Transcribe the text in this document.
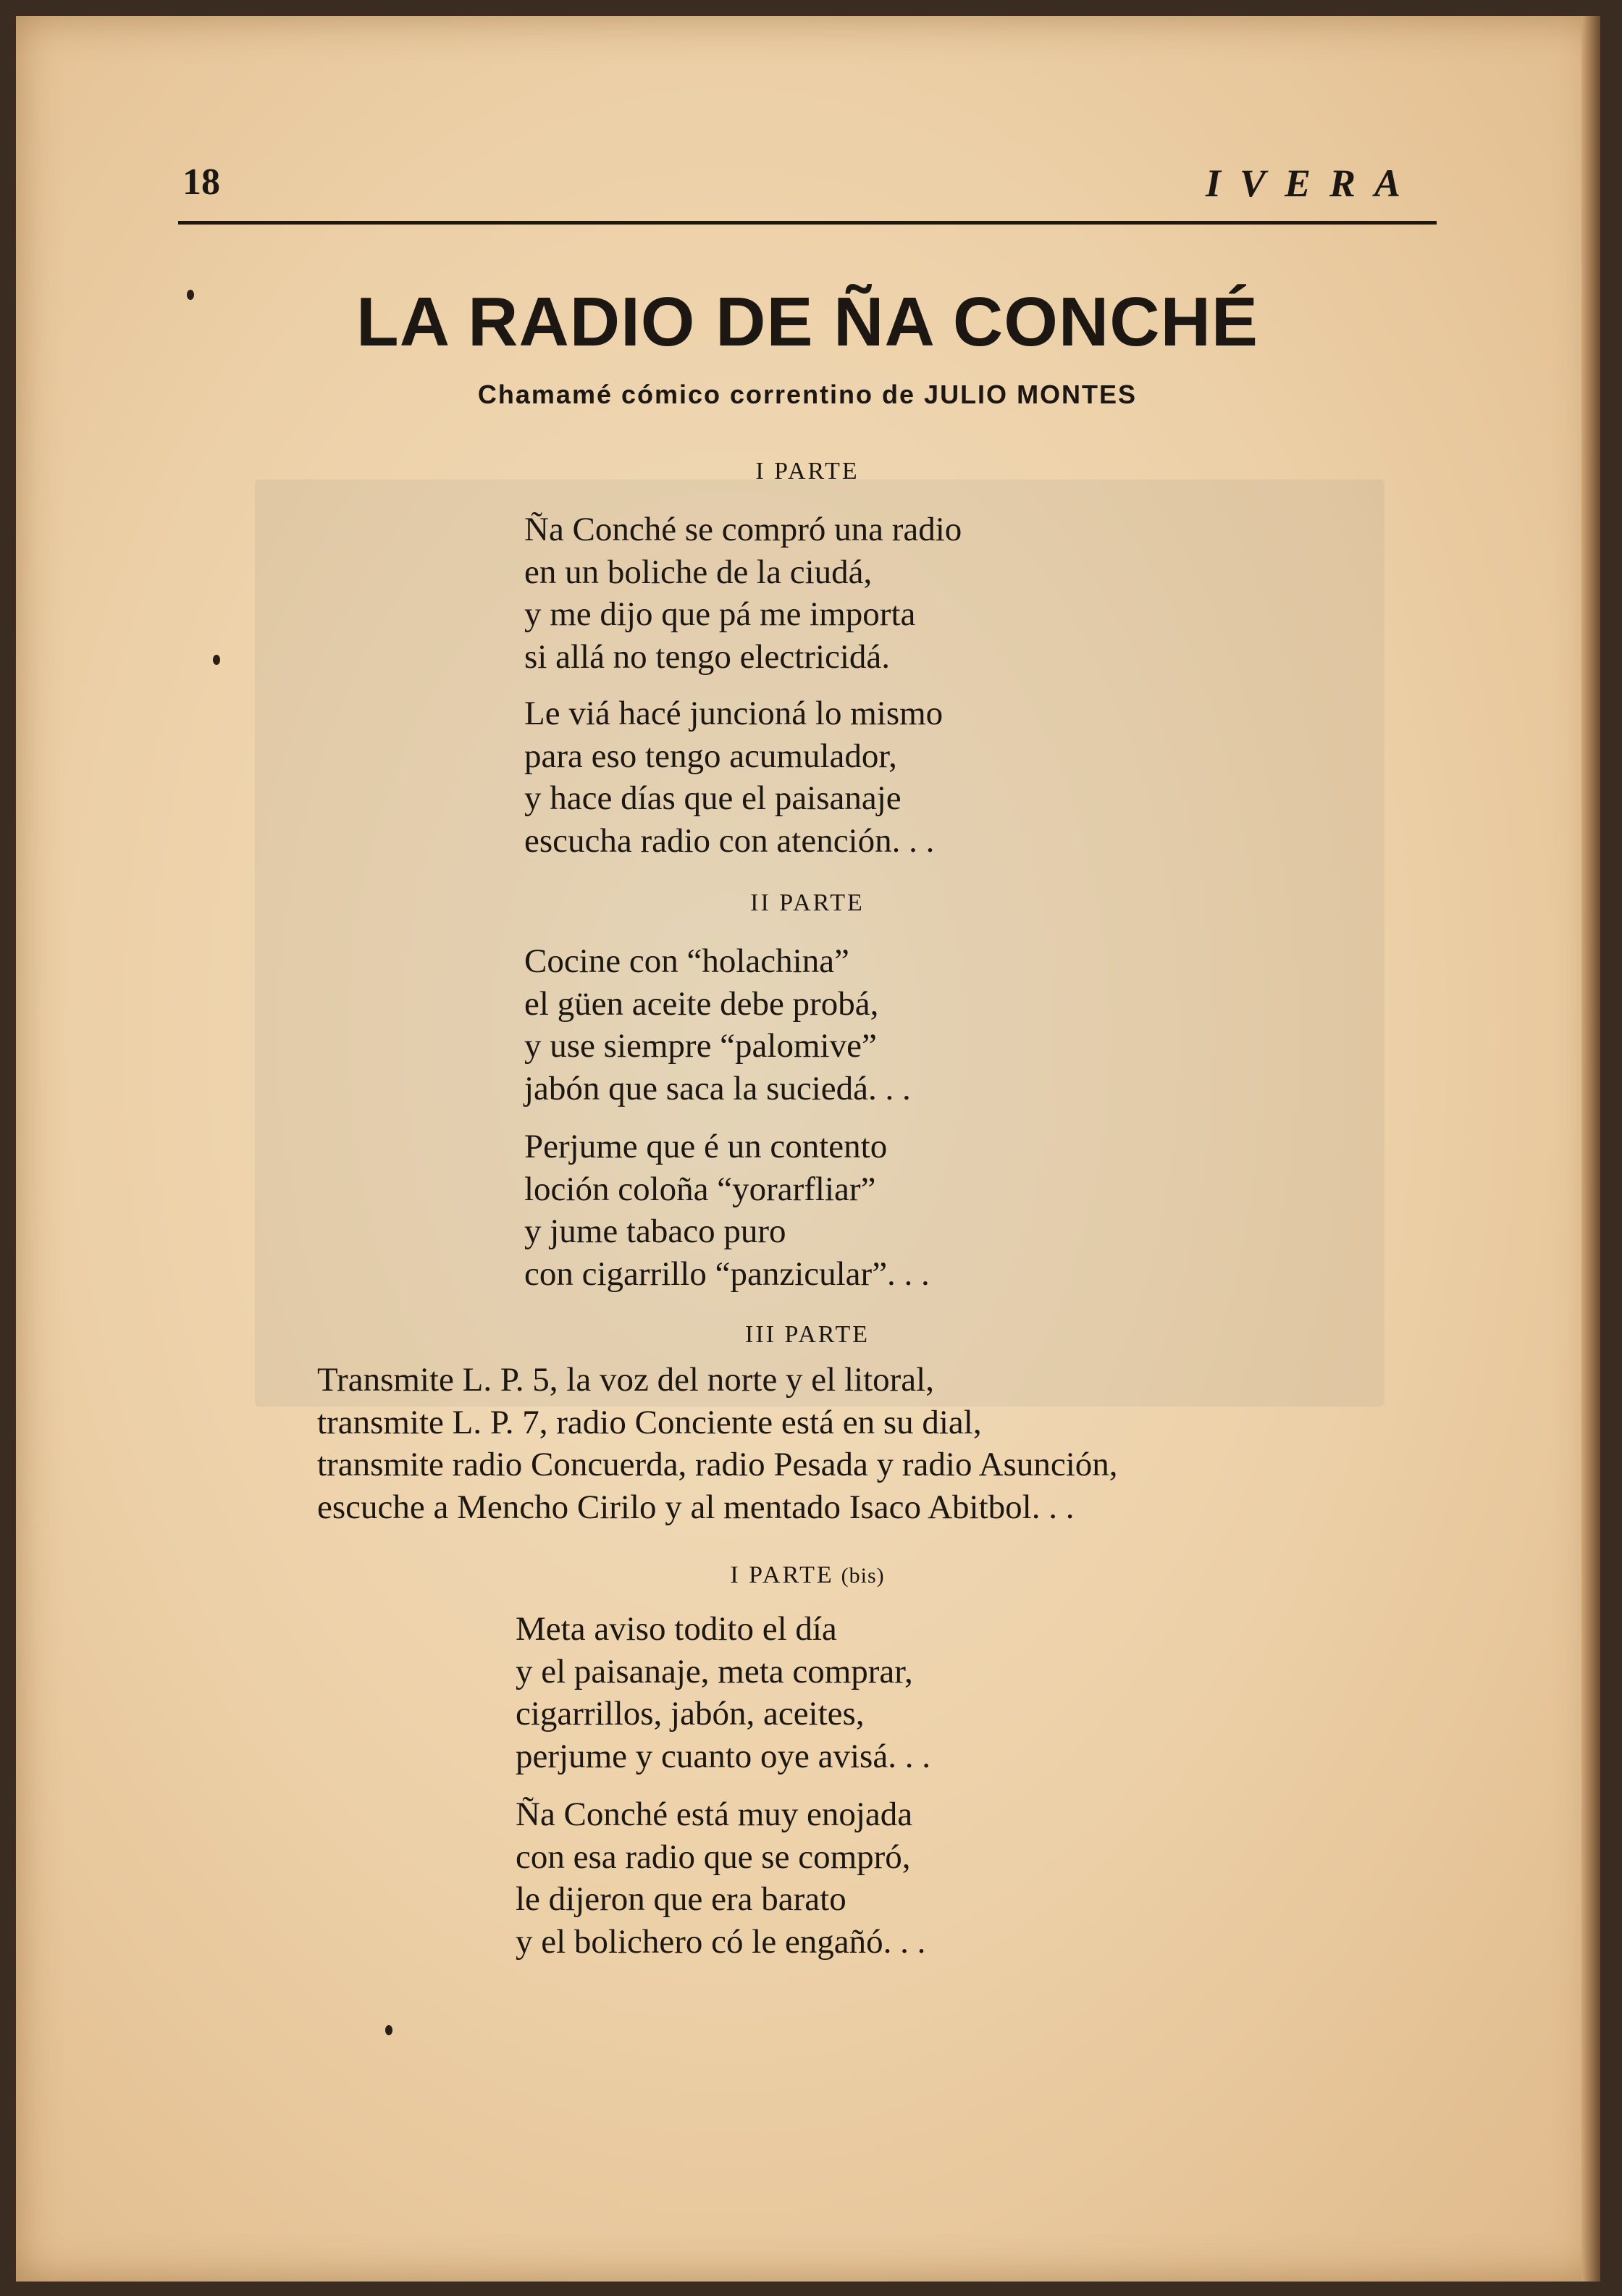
18	IVERA
LA RADIO DE ÑA CONCHÉ
Chamamé cómico correntino de JULIO MONTES
I PARTE
Ña Conché se compró una radio
en un boliche de la ciudá,
y me dijo que pá me importa
si allá no tengo electricidá.
Le viá hacé juncioná lo mismo
para eso tengo acumulador,
y hace días que el paisanaje
escucha radio con atención. . .
II PARTE
Cocine con “holachina”
el güen aceite debe probá,
y use siempre “palomive”
jabón que saca la suciedá. . .
Perjume que é un contento
loción coloña “yorarfliar”
y jume tabaco puro
con cigarrillo “panzicular”. . .
III PARTE
Transmite L. P. 5, la voz del norte y el litoral,
transmite L. P. 7, radio Conciente está en su dial,
transmite radio Concuerda, radio Pesada y radio Asunción,
escuche a Mencho Cirilo y al mentado Isaco Abitbol. . .
I PARTE (bis)
Meta aviso todito el día
y el paisanaje, meta comprar,
cigarrillos, jabón, aceites,
perjume y cuanto oye avisá. . .
Ña Conché está muy enojada
con esa radio que se compró,
le dijeron que era barato
y el bolichero có le engañó. . .
